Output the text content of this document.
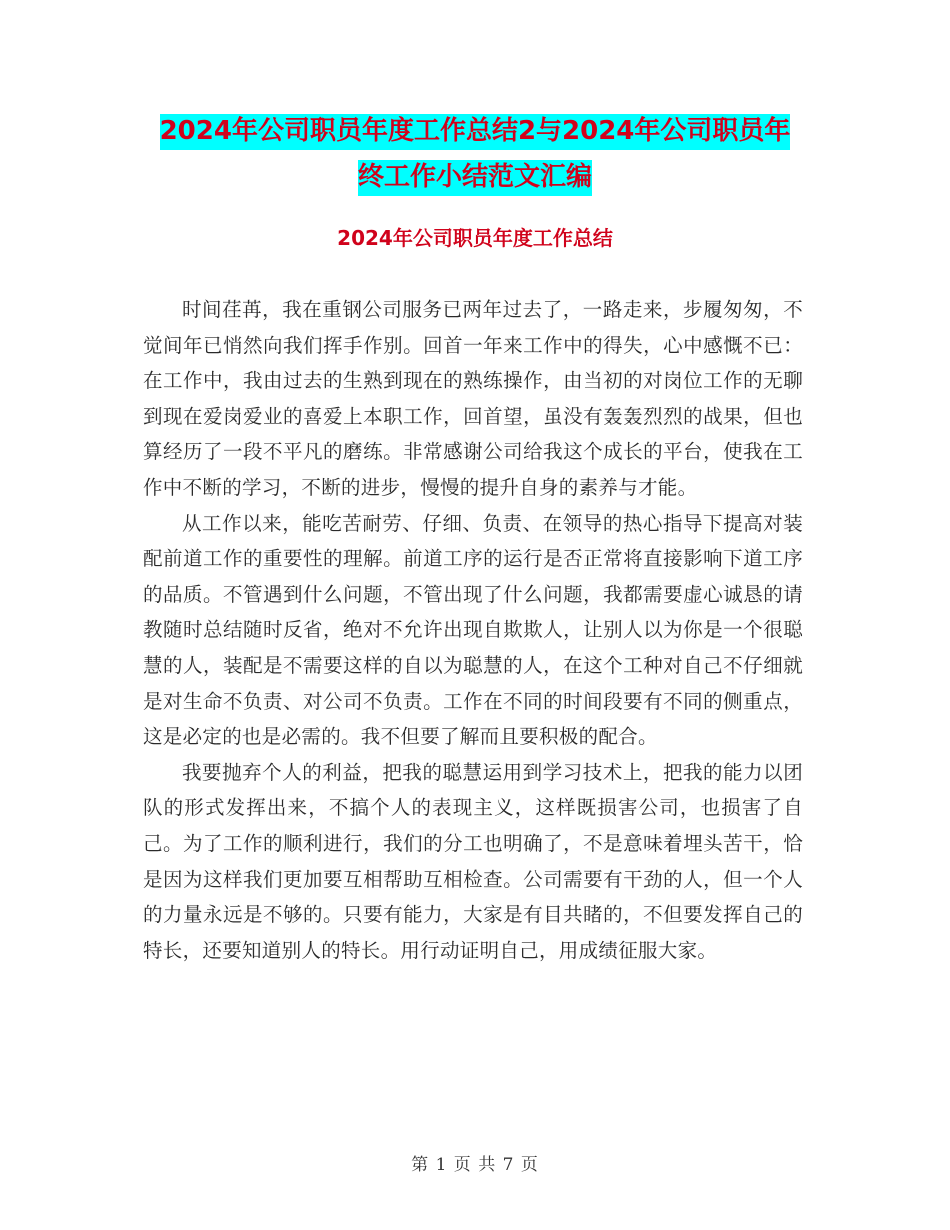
2024年公司职员年度工作总结2与2024年公司职员年
终工作小结范文汇编
2024年公司职员年度工作总结

时间荏苒，我在重钢公司服务已两年过去了，一路走来，步履匆匆，不觉间年已悄然向我们挥手作别。回首一年来工作中的得失，心中感慨不已：在工作中，我由过去的生熟到现在的熟练操作，由当初的对岗位工作的无聊到现在爱岗爱业的喜爱上本职工作，回首望，虽没有轰轰烈烈的战果，但也算经历了一段不平凡的磨练。非常感谢公司给我这个成长的平台，使我在工作中不断的学习，不断的进步，慢慢的提升自身的素养与才能。

从工作以来，能吃苦耐劳、仔细、负责、在领导的热心指导下提高对装配前道工作的重要性的理解。前道工序的运行是否正常将直接影响下道工序的品质。不管遇到什么问题，不管出现了什么问题，我都需要虚心诚恳的请教随时总结随时反省，绝对不允许出现自欺欺人，让别人以为你是一个很聪慧的人，装配是不需要这样的自以为聪慧的人，在这个工种对自己不仔细就是对生命不负责、对公司不负责。工作在不同的时间段要有不同的侧重点，这是必定的也是必需的。我不但要了解而且要积极的配合。

我要抛弃个人的利益，把我的聪慧运用到学习技术上，把我的能力以团队的形式发挥出来，不搞个人的表现主义，这样既损害公司，也损害了自己。为了工作的顺利进行，我们的分工也明确了，不是意味着埋头苦干，恰是因为这样我们更加要互相帮助互相检查。公司需要有干劲的人，但一个人的力量永远是不够的。只要有能力，大家是有目共睹的，不但要发挥自己的特长，还要知道别人的特长。用行动证明自己，用成绩征服大家。

第 1 页 共 7 页
